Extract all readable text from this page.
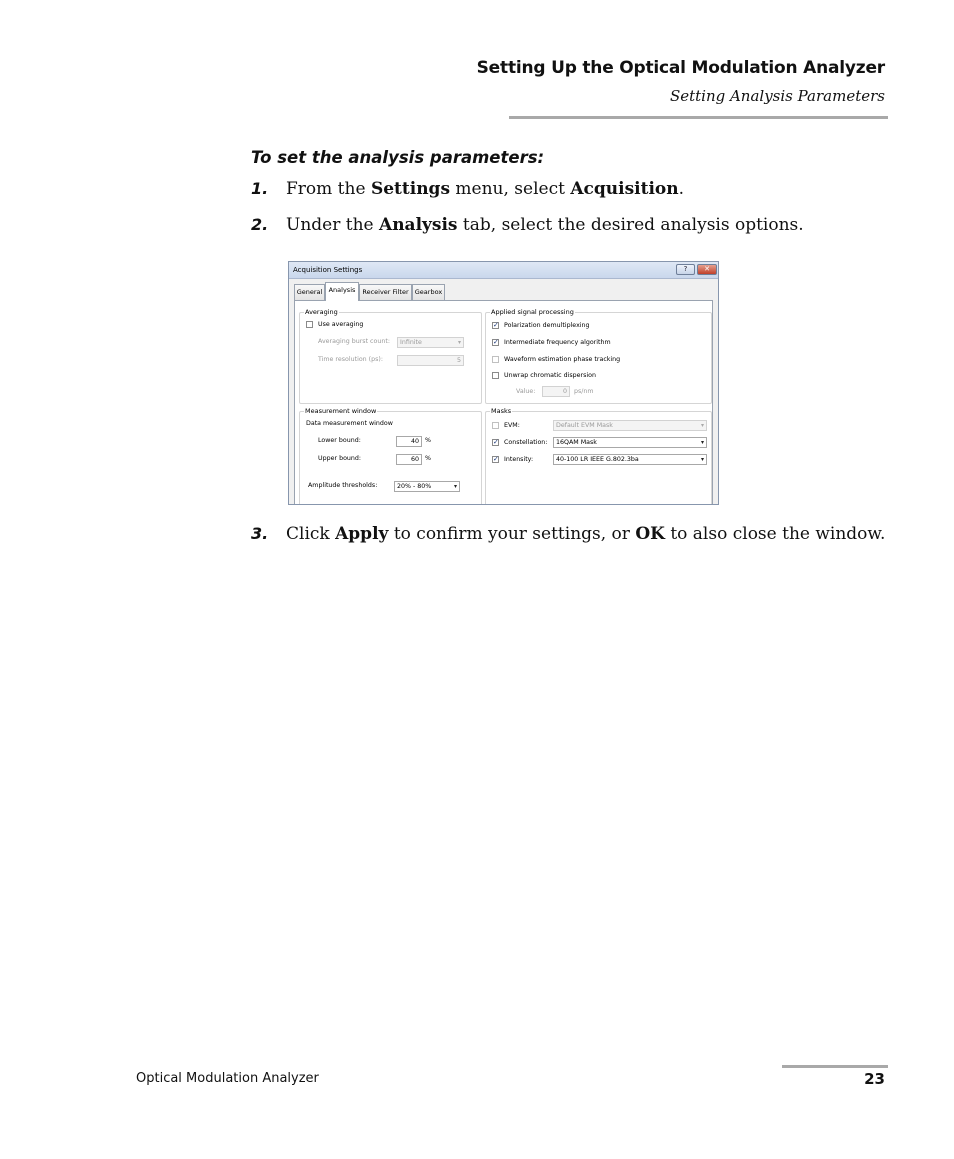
Setting Up the Optical Modulation Analyzer
Setting Analysis Parameters
To set the analysis parameters:
1. From the Settings menu, select Acquisition.
2. Under the Analysis tab, select the desired analysis options.
Acquisition Settings	?	✕
General Analysis	Receiver Filter Gearbox
Averaging
Use averaging
Averaging burst count:	Infinite	▾
Time resolution (ps):	5
Applied signal processing
✓ Polarization demultiplexing
✓ Intermediate frequency algorithm
Waveform estimation phase tracking
Unwrap chromatic dispersion
Value:	0	ps/nm
Measurement window
Data measurement window
Lower bound:	40 %
Upper bound:	60 %
Amplitude thresholds:	20% - 80%	▾
Masks
EVM:	Default EVM Mask	▾
✓ Constellation:	16QAM Mask	▾
✓ Intensity:	40-100 LR IEEE G.802.3ba	▾
3. Click Apply to confirm your settings, or OK to also close the window.
Optical Modulation Analyzer	23
